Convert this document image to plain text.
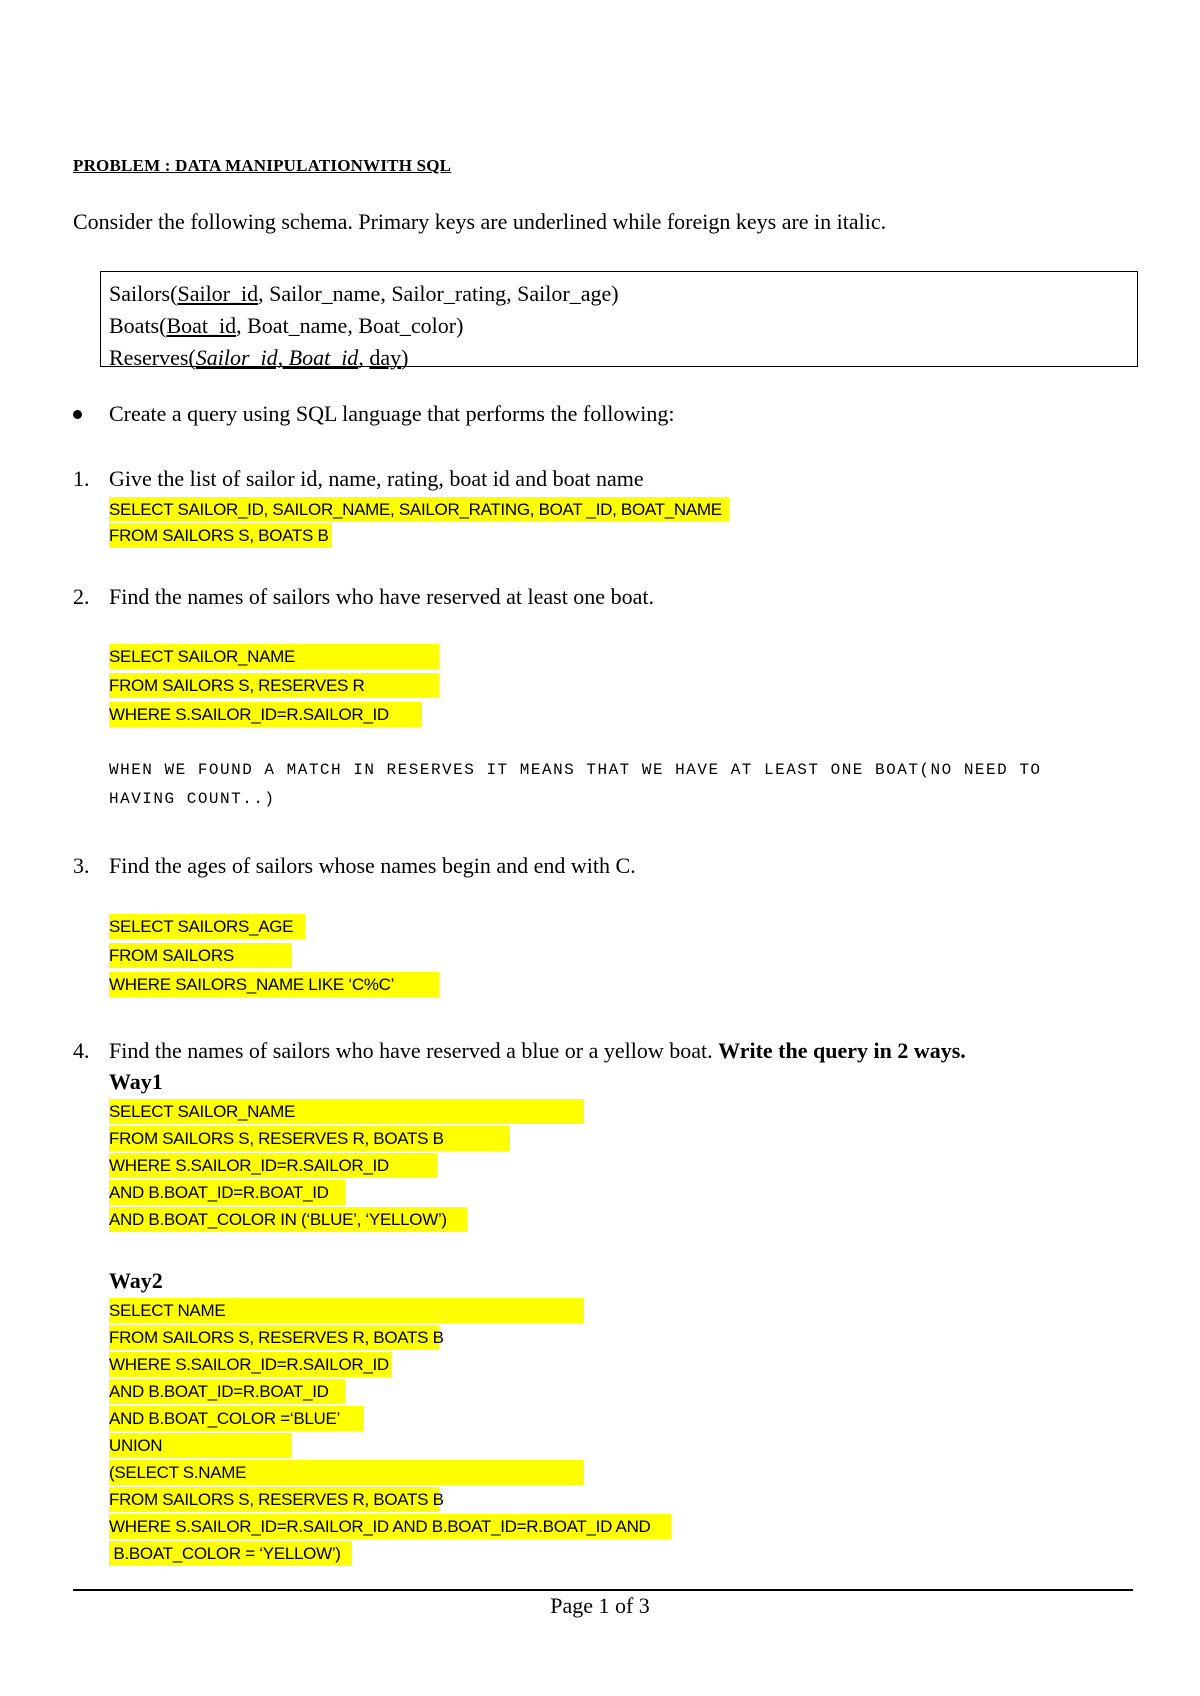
PROBLEM : DATA MANIPULATIONWITH SQL
Consider the following schema. Primary keys are underlined while foreign keys are in italic.
Sailors(Sailor_id, Sailor_name, Sailor_rating, Sailor_age)
Boats(Boat_id, Boat_name, Boat_color)
Reserves(Sailor_id, Boat_id, day)
Create a query using SQL language that performs the following:
1. Give the list of sailor id, name, rating, boat id and boat name
SELECT SAILOR_ID, SAILOR_NAME, SAILOR_RATING, BOAT _ID, BOAT_NAME
FROM SAILORS S, BOATS B
2. Find the names of sailors who have reserved at least one boat.
SELECT SAILOR_NAME
FROM SAILORS S, RESERVES R
WHERE S.SAILOR_ID=R.SAILOR_ID
WHEN WE FOUND A MATCH IN RESERVES IT MEANS THAT WE HAVE AT LEAST ONE BOAT(NO NEED TO
HAVING COUNT..)
3. Find the ages of sailors whose names begin and end with C.
SELECT SAILORS_AGE
FROM SAILORS
WHERE SAILORS_NAME LIKE ‘C%C’
4. Find the names of sailors who have reserved a blue or a yellow boat. Write the query in 2 ways.
Way1
SELECT SAILOR_NAME
FROM SAILORS S, RESERVES R, BOATS B
WHERE S.SAILOR_ID=R.SAILOR_ID
AND B.BOAT_ID=R.BOAT_ID
AND B.BOAT_COLOR IN (‘BLUE’, ‘YELLOW’)
Way2
SELECT NAME
FROM SAILORS S, RESERVES R, BOATS B
WHERE S.SAILOR_ID=R.SAILOR_ID
AND B.BOAT_ID=R.BOAT_ID
AND B.BOAT_COLOR =‘BLUE’
UNION
(SELECT S.NAME
FROM SAILORS S, RESERVES R, BOATS B
WHERE S.SAILOR_ID=R.SAILOR_ID AND B.BOAT_ID=R.BOAT_ID AND
B.BOAT_COLOR = ‘YELLOW’)
Page 1 of 3
